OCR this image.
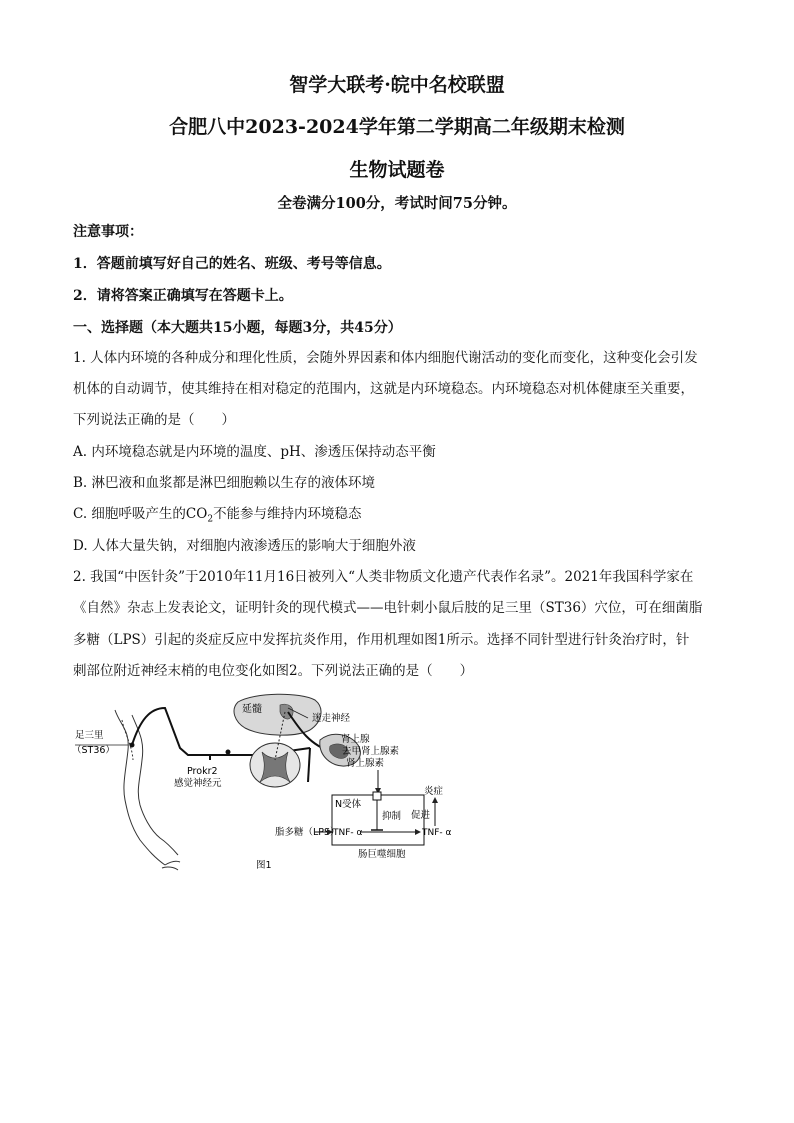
智学大联考·皖中名校联盟
合肥八中2023-2024学年第二学期高二年级期末检测
生物试题卷
全卷满分100分，考试时间75分钟。
注意事项：
1．答题前填写好自己的姓名、班级、考号等信息。
2．请将答案正确填写在答题卡上。
一、选择题（本大题共15小题，每题3分，共45分）
1. 人体内环境的各种成分和理化性质，会随外界因素和体内细胞代谢活动的变化而变化，这种变化会引发
机体的自动调节，使其维持在相对稳定的范围内，这就是内环境稳态。内环境稳态对机体健康至关重要，
下列说法正确的是（　　）
A. 内环境稳态就是内环境的温度、pH、渗透压保持动态平衡
B. 淋巴液和血浆都是淋巴细胞赖以生存的液体环境
C. 细胞呼吸产生的$CO_2$不能参与维持内环境稳态
D. 人体大量失钠，对细胞内液渗透压的影响大于细胞外液
2. 我国“中医针灸”于2010年11月16日被列入“人类非物质文化遗产代表作名录”。2021年我国科学家在
《自然》杂志上发表论文，证明针灸的现代模式——电针刺小鼠后肢的足三里（ST36）穴位，可在细菌脂
多糖（LPS）引起的炎症反应中发挥抗炎作用，作用机理如图1所示。选择不同针型进行针灸治疗时，针
刺部位附近神经末梢的电位变化如图2。下列说法正确的是（　　）
足三里
（ST36）
Prokr2
感觉神经元
延髓
迷走神经
肾上腺
去甲肾上腺素
肾上腺素
N受体
抑制
脂多糖（LPS）
TNF- α	TNF- α
促进
炎症
肠巨噬细胞
图1
